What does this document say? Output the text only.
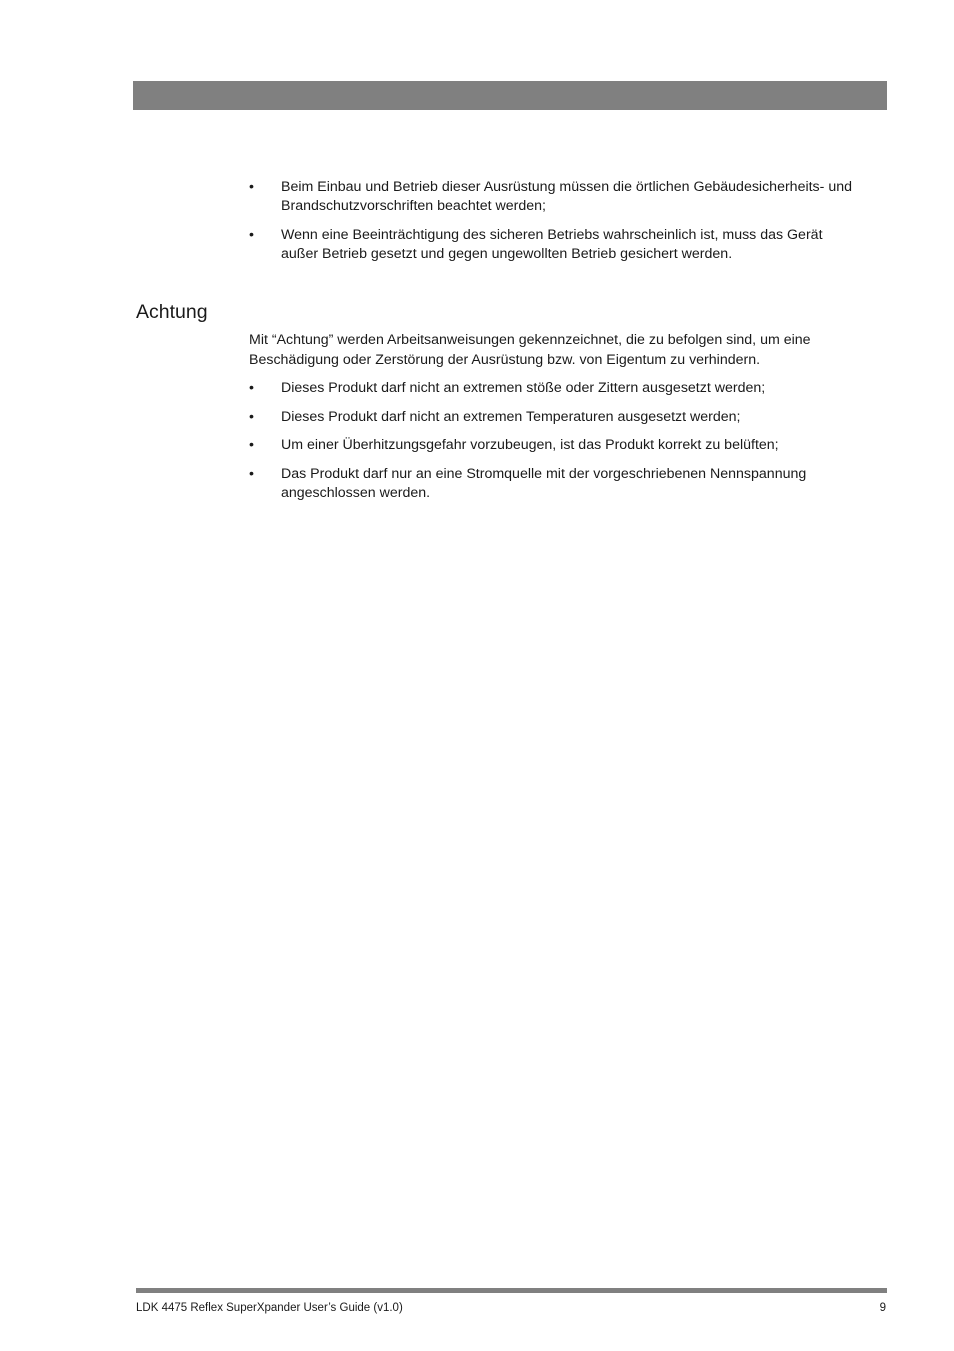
• Beim Einbau und Betrieb dieser Ausrüstung müssen die örtlichen Gebäudesicherheits- und Brandschutzvorschriften beachtet werden;
• Wenn eine Beeinträchtigung des sicheren Betriebs wahrscheinlich ist, muss das Gerät außer Betrieb gesetzt und gegen ungewollten Betrieb gesichert werden.
Achtung

Mit “Achtung” werden Arbeitsanweisungen gekennzeichnet, die zu befolgen sind, um eine Beschädigung oder Zerstörung der Ausrüstung bzw. von Eigentum zu verhindern.

• Dieses Produkt darf nicht an extremen stöße oder Zittern ausgesetzt werden;
• Dieses Produkt darf nicht an extremen Temperaturen ausgesetzt werden;
• Um einer Überhitzungsgefahr vorzubeugen, ist das Produkt korrekt zu belüften;
• Das Produkt darf nur an eine Stromquelle mit der vorgeschriebenen Nennspannung angeschlossen werden.
LDK 4475 Reflex SuperXpander User’s Guide (v1.0)	9
